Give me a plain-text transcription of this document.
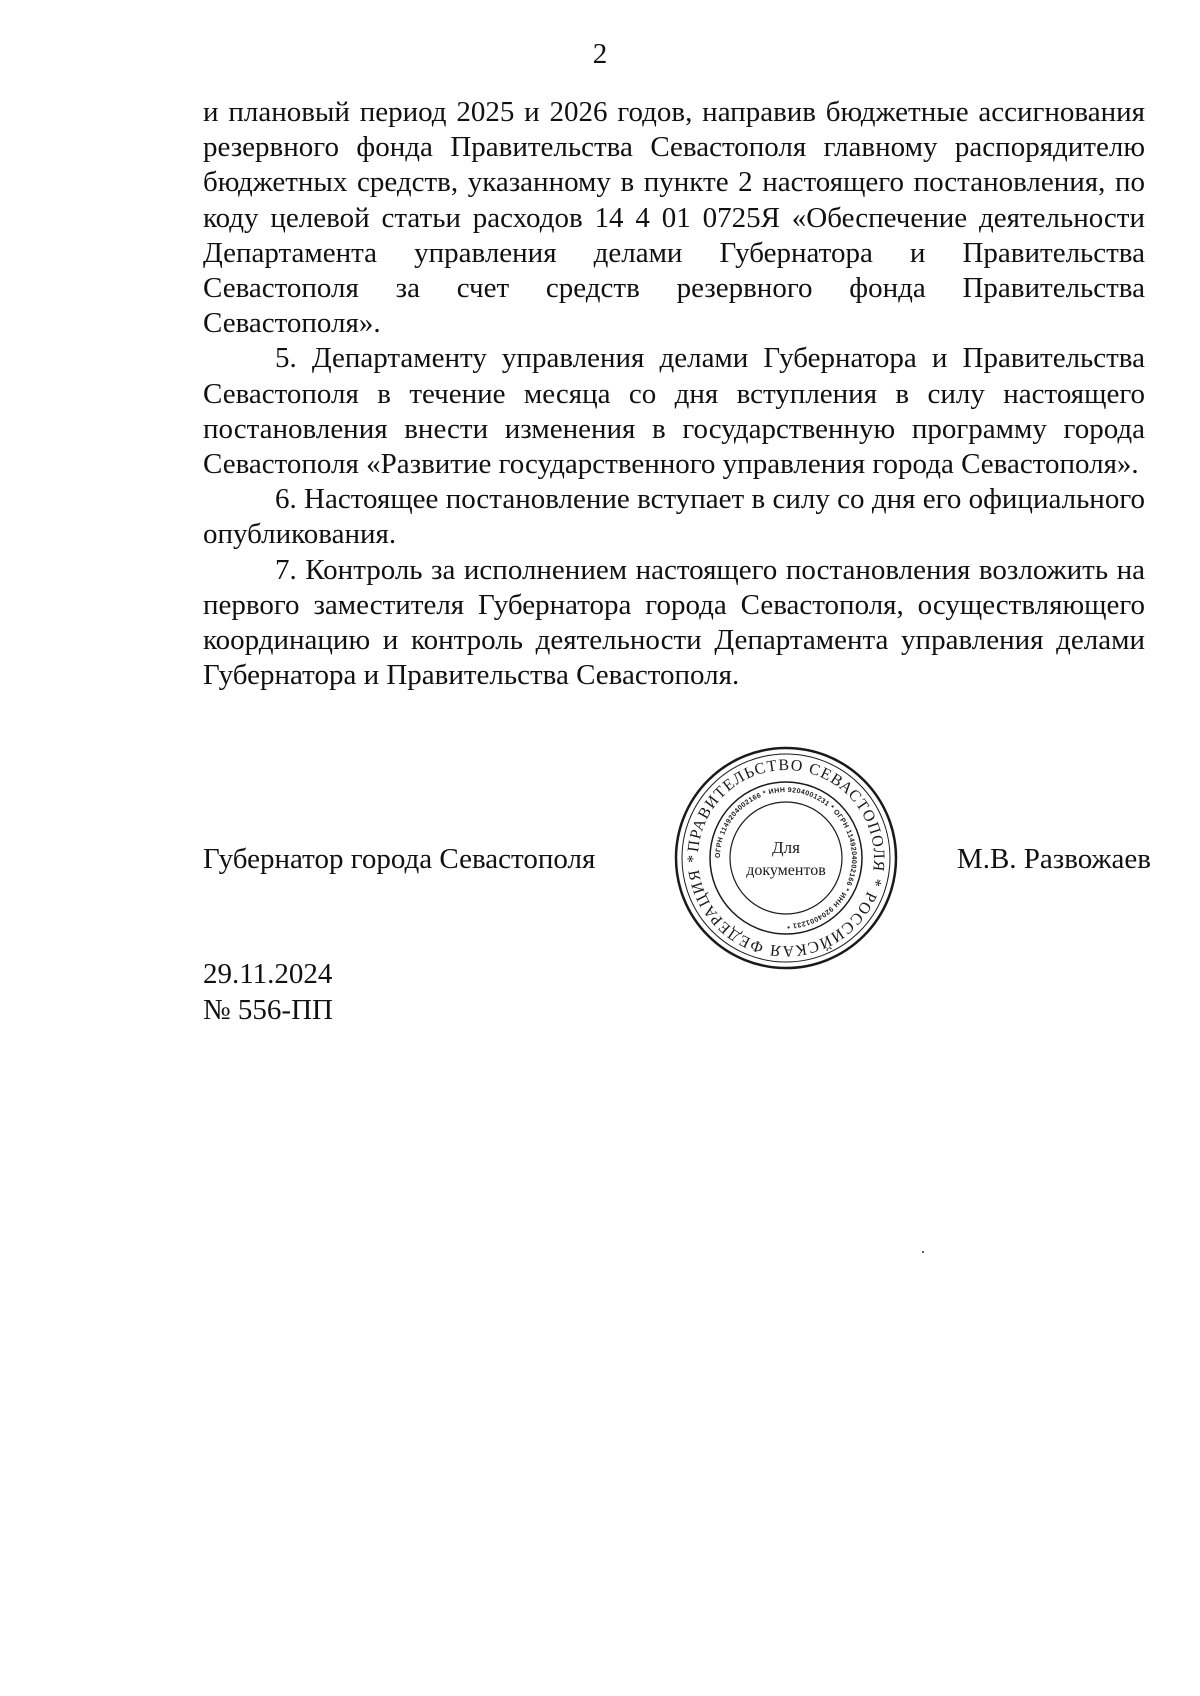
2

и плановый период 2025 и 2026 годов, направив бюджетные ассигнования резервного фонда Правительства Севастополя главному распорядителю бюджетных средств, указанному в пункте 2 настоящего постановления, по коду целевой статьи расходов 14 4 01 0725Я «Обеспечение деятельности Департамента управления делами Губернатора и Правительства Севастополя за счет средств резервного фонда Правительства Севастополя».

5. Департаменту управления делами Губернатора и Правительства Севастополя в течение месяца со дня вступления в силу настоящего постановления внести изменения в государственную программу города Севастополя «Развитие государственного управления города Севастополя».

6. Настоящее постановление вступает в силу со дня его официального опубликования.

7. Контроль за исполнением настоящего постановления возложить на первого заместителя Губернатора города Севастополя, осуществляющего координацию и контроль деятельности Департамента управления делами Губернатора и Правительства Севастополя.

Губернатор города Севастополя	М.В. Развожаев
ПРАВИТЕЛЬСТВО СЕВАСТОПОЛЯ * РОССИЙСКАЯ ФЕДЕРАЦИЯ *	ОГРН 1149204002166 * ИНН 9204001231 * ОГРН 1149204002166 * ИНН 9204001231 *
Для
документов
29.11.2024
№ 556-ПП
